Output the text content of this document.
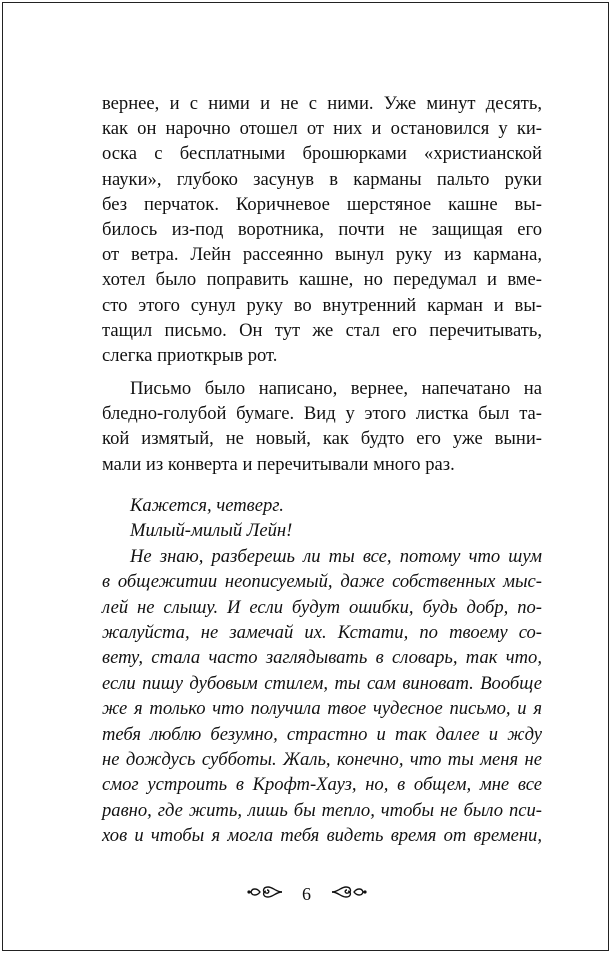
вернее, и с ними и не с ними. Уже минут десять,
как он нарочно отошел от них и остановился у ки-
оска с бесплатными брошюрками «христианской
науки», глубоко засунув в карманы пальто руки
без перчаток. Коричневое шерстяное кашне вы-
билось из-под воротника, почти не защищая его
от ветра. Лейн рассеянно вынул руку из кармана,
хотел было поправить кашне, но передумал и вме-
сто этого сунул руку во внутренний карман и вы-
тащил письмо. Он тут же стал его перечитывать,
слегка приоткрыв рот.
Письмо было написано, вернее, напечатано на
бледно-голубой бумаге. Вид у этого листка был та-
кой измятый, не новый, как будто его уже выни-
мали из конверта и перечитывали много раз.
Кажется, четверг.
Милый-милый Лейн!
Не знаю, разберешь ли ты все, потому что шум
в общежитии неописуемый, даже собственных мыс-
лей не слышу. И если будут ошибки, будь добр, по-
жалуйста, не замечай их. Кстати, по твоему со-
вету, стала часто заглядывать в словарь, так что,
если пишу дубовым стилем, ты сам виноват. Вообще
же я только что получила твое чудесное письмо, и я
тебя люблю безумно, страстно и так далее и жду
не дождусь субботы. Жаль, конечно, что ты меня не
смог устроить в Крофт-Хауз, но, в общем, мне все
равно, где жить, лишь бы тепло, чтобы не было пси-
хов и чтобы я могла тебя видеть время от времени,
6
